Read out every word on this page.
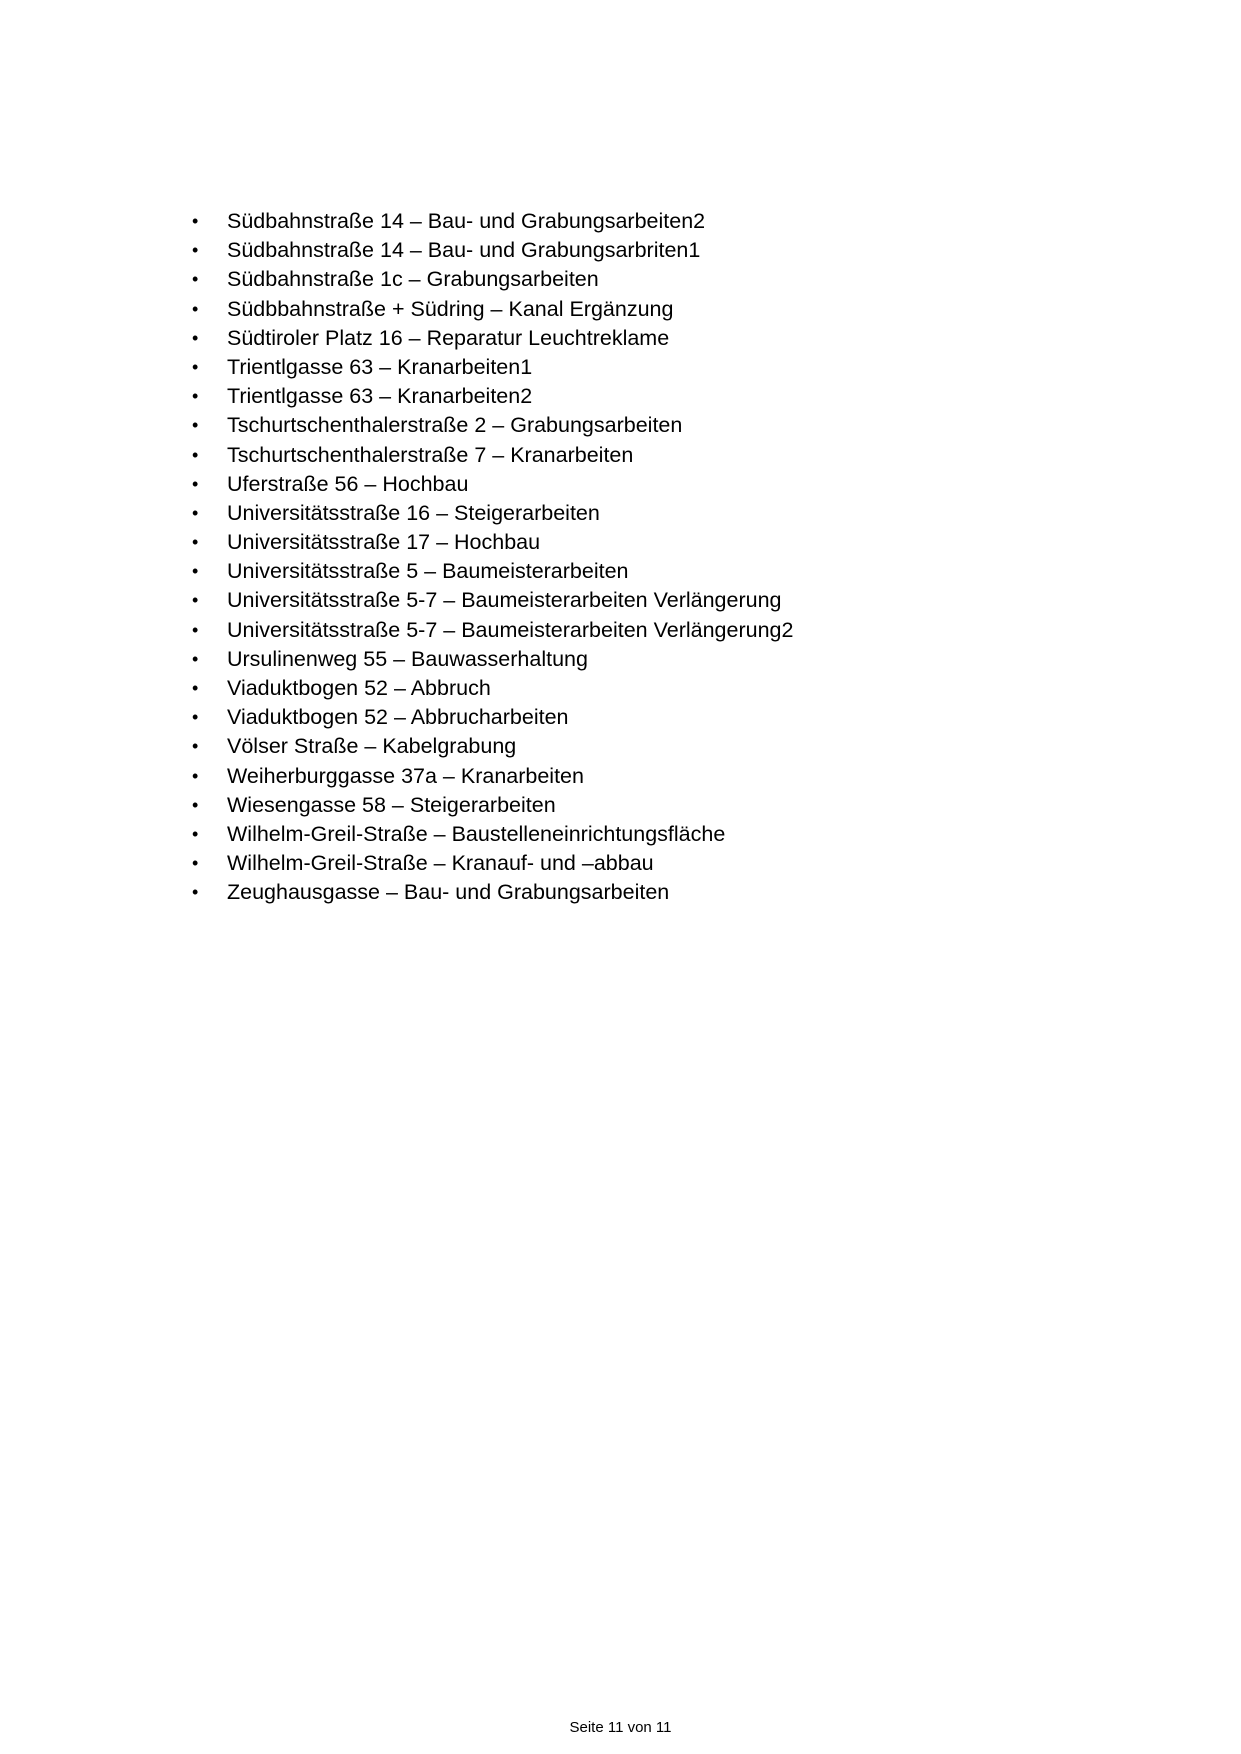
•	Südbahnstraße 14 – Bau- und Grabungsarbeiten2
•	Südbahnstraße 14 – Bau- und Grabungsarbriten1
•	Südbahnstraße 1c – Grabungsarbeiten
•	Südbbahnstraße + Südring – Kanal Ergänzung
•	Südtiroler Platz 16 – Reparatur Leuchtreklame
•	Trientlgasse 63 – Kranarbeiten1
•	Trientlgasse 63 – Kranarbeiten2
•	Tschurtschenthalerstraße 2 – Grabungsarbeiten
•	Tschurtschenthalerstraße 7 – Kranarbeiten
•	Uferstraße 56 – Hochbau
•	Universitätsstraße 16 – Steigerarbeiten
•	Universitätsstraße 17 – Hochbau
•	Universitätsstraße 5 – Baumeisterarbeiten
•	Universitätsstraße 5-7 – Baumeisterarbeiten Verlängerung
•	Universitätsstraße 5-7 – Baumeisterarbeiten Verlängerung2
•	Ursulinenweg 55 – Bauwasserhaltung
•	Viaduktbogen 52 – Abbruch
•	Viaduktbogen 52 – Abbrucharbeiten
•	Völser Straße – Kabelgrabung
•	Weiherburggasse 37a – Kranarbeiten
•	Wiesengasse 58 – Steigerarbeiten
•	Wilhelm-Greil-Straße – Baustelleneinrichtungsfläche
•	Wilhelm-Greil-Straße – Kranauf- und –abbau
•	Zeughausgasse – Bau- und Grabungsarbeiten
Seite 11 von 11
